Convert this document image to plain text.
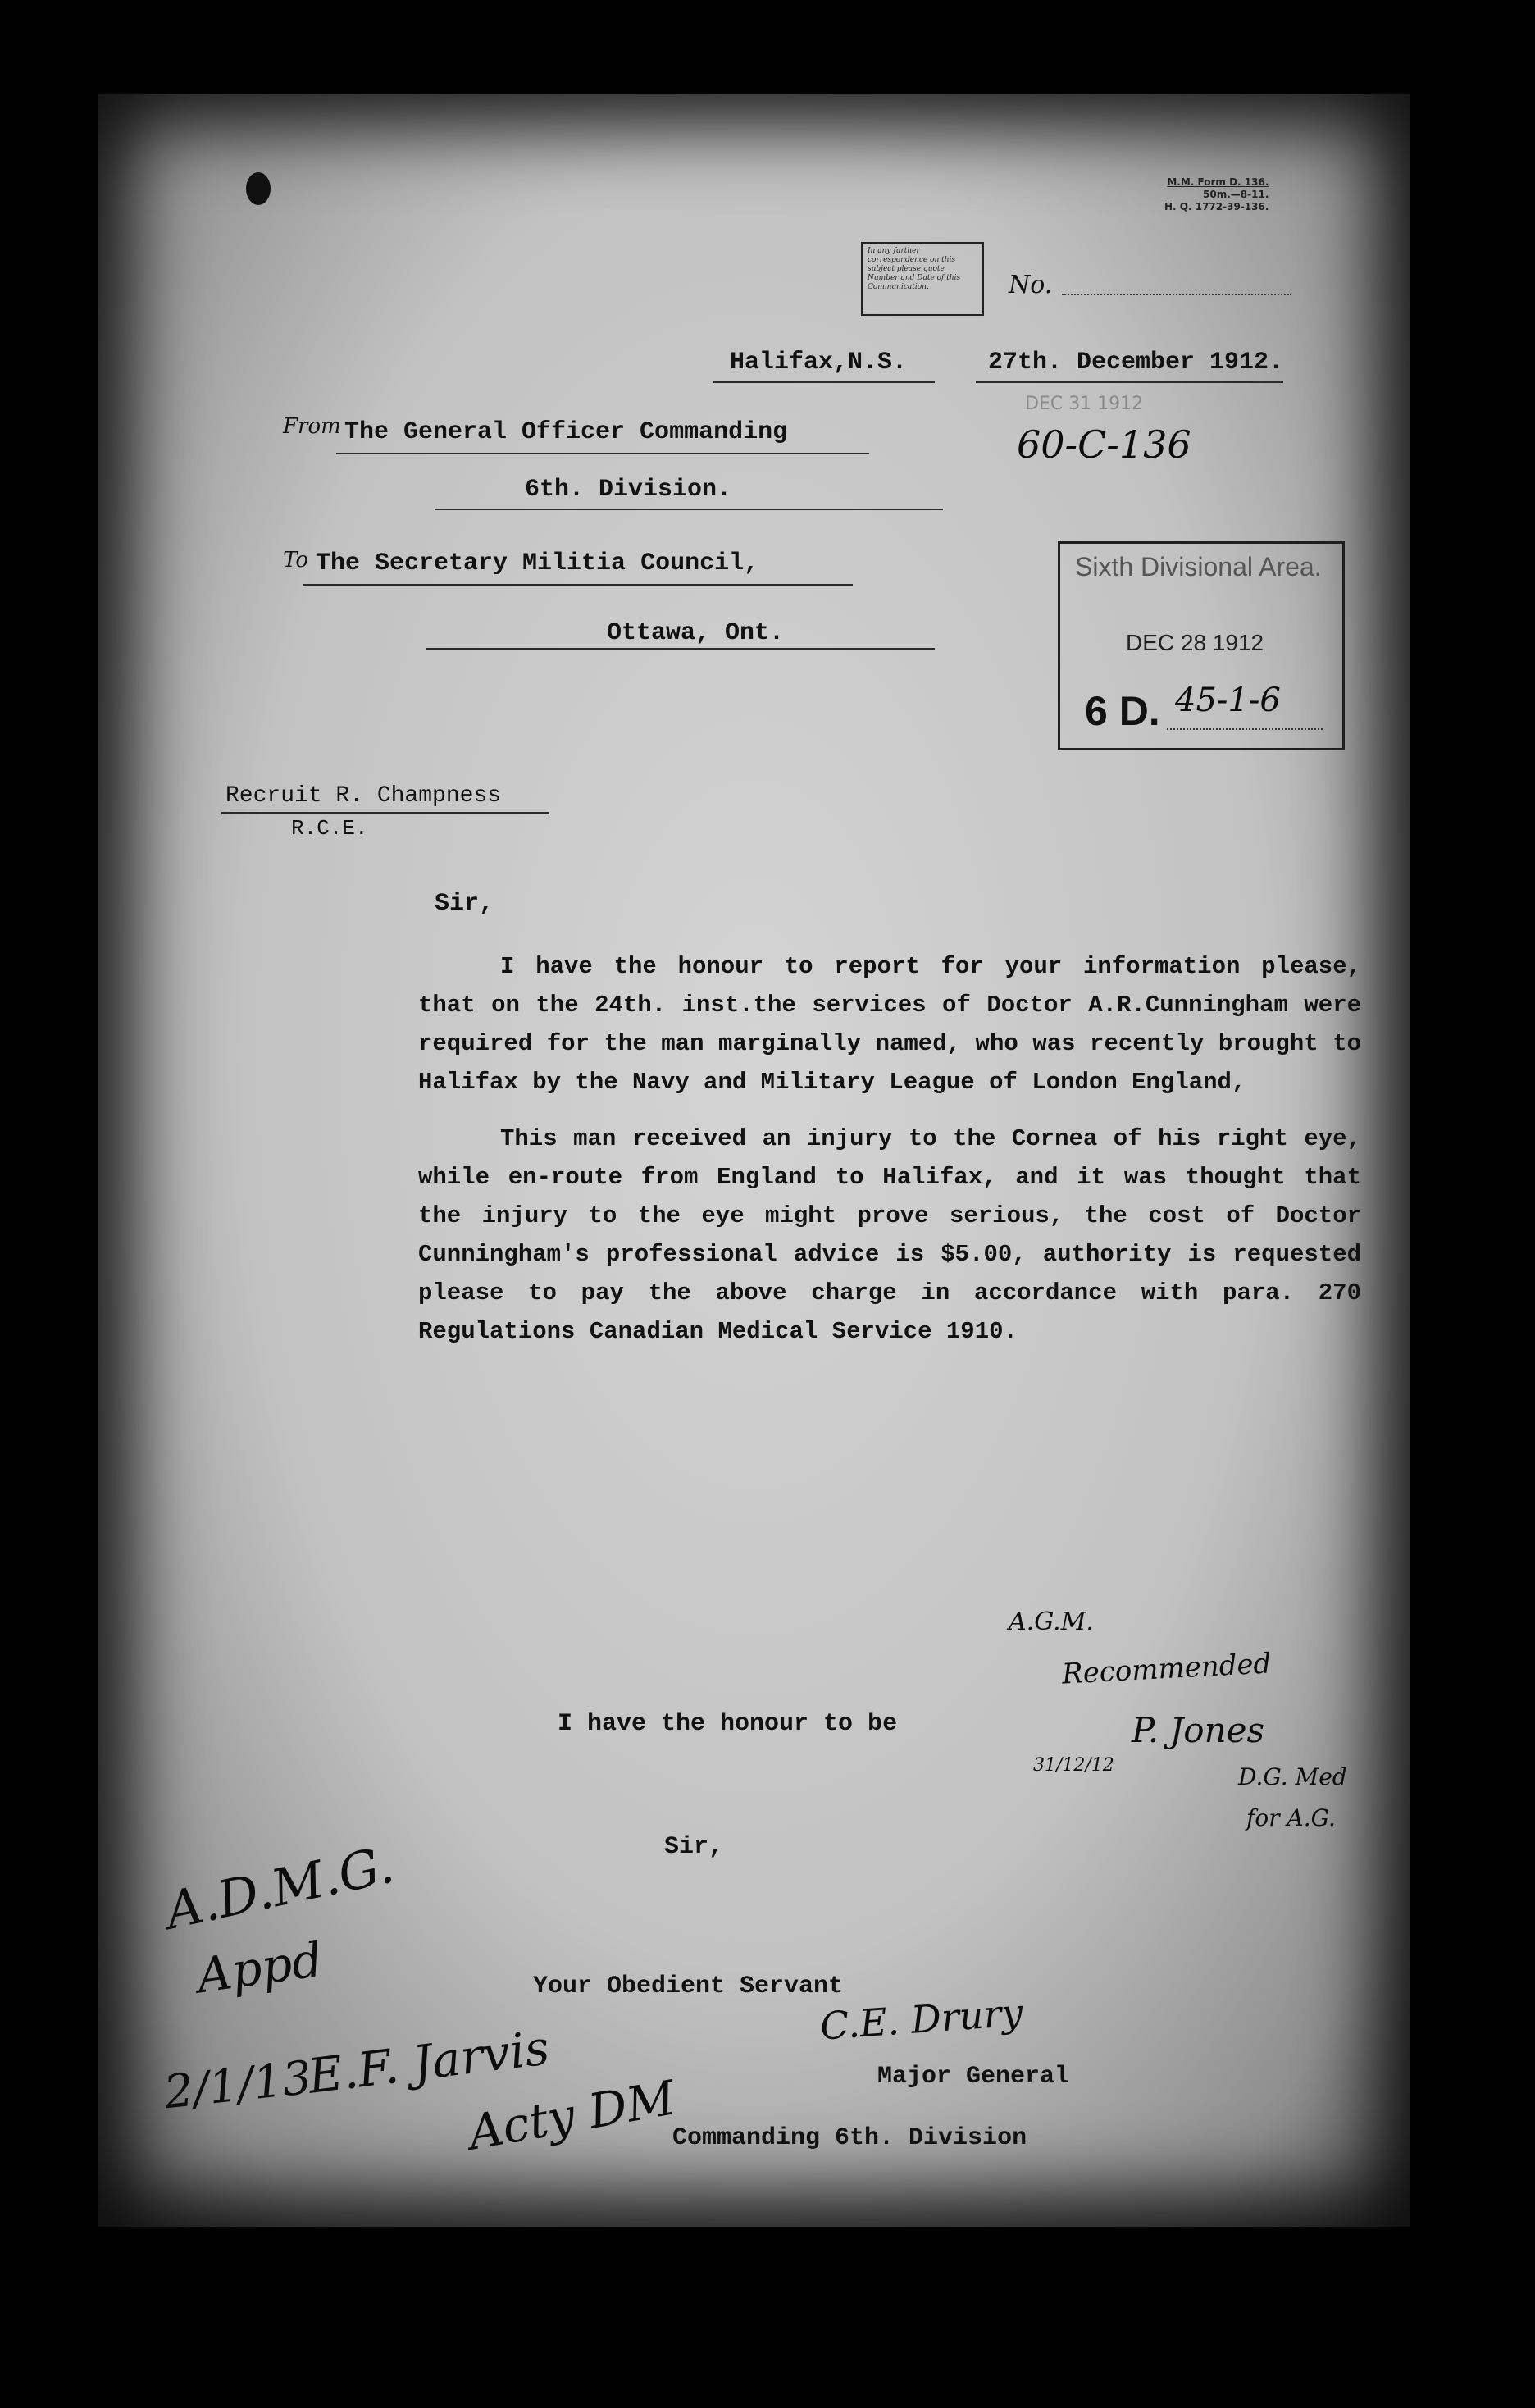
M.M. Form D. 136.
50m.—8-11.
H. Q. 1772-39-136.
In any further correspondence on this subject please quote Number and Date of this Communication.	No.
Halifax,N.S.	27th. December 1912.
DEC 31 1912
60-C-136
From The General Officer Commanding
6th. Division.
To The Secretary Militia Council,
Ottawa, Ont.
Sixth Divisional Area.
DEC 28 1912
6 D. 45-1-6
Recruit R. Champness
R.C.E.
Sir,

I have the honour to report for your information please, that on the 24th. inst.the services of Doctor A.R.Cunningham were required for the man marginally named, who was recently brought to Halifax by the Navy and Military League of London England,

This man received an injury to the Cornea of his right eye, while en-route from England to Halifax, and it was thought that the injury to the eye might prove serious, the cost of Doctor Cunningham's professional advice is $5.00, authority is requested please to pay the above charge in accordance with para. 270 Regulations Canadian Medical Service 1910.

I have the honour to be
Sir,
Your Obedient Servant
C.E. Drury
Major General
Commanding 6th. Division
A.G.M.
Recommended
P. Jones
31/12/12	D.G. Med
for A.G.
A.D.M.G.
Appd
2/1/13
E.F. Jarvis
Acty DM
